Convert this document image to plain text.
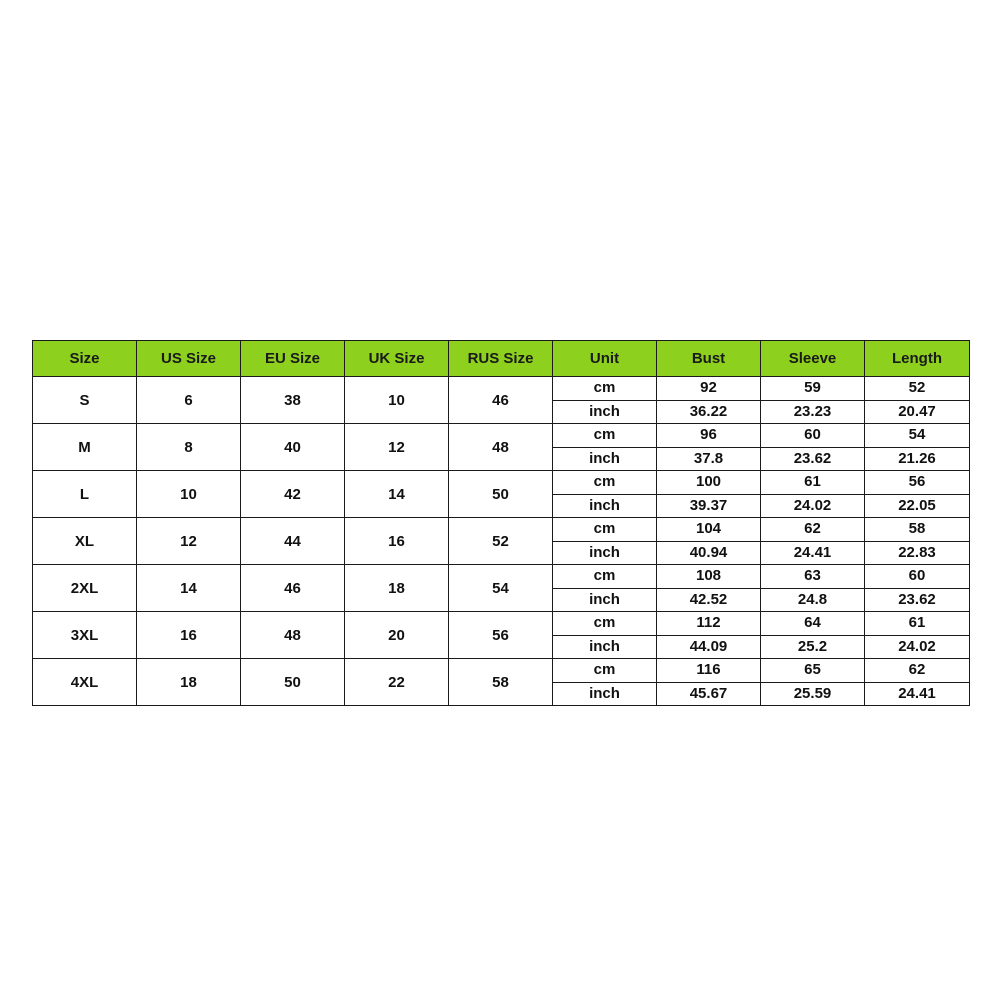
Size	US Size	EU Size	UK Size	RUS Size	Unit	Bust	Sleeve	Length
S	6	38	10	46	cm	92	59	52
					inch	36.22	23.23	20.47
M	8	40	12	48	cm	96	60	54
					inch	37.8	23.62	21.26
L	10	42	14	50	cm	100	61	56
					inch	39.37	24.02	22.05
XL	12	44	16	52	cm	104	62	58
					inch	40.94	24.41	22.83
2XL	14	46	18	54	cm	108	63	60
					inch	42.52	24.8	23.62
3XL	16	48	20	56	cm	112	64	61
					inch	44.09	25.2	24.02
4XL	18	50	22	58	cm	116	65	62
					inch	45.67	25.59	24.41
